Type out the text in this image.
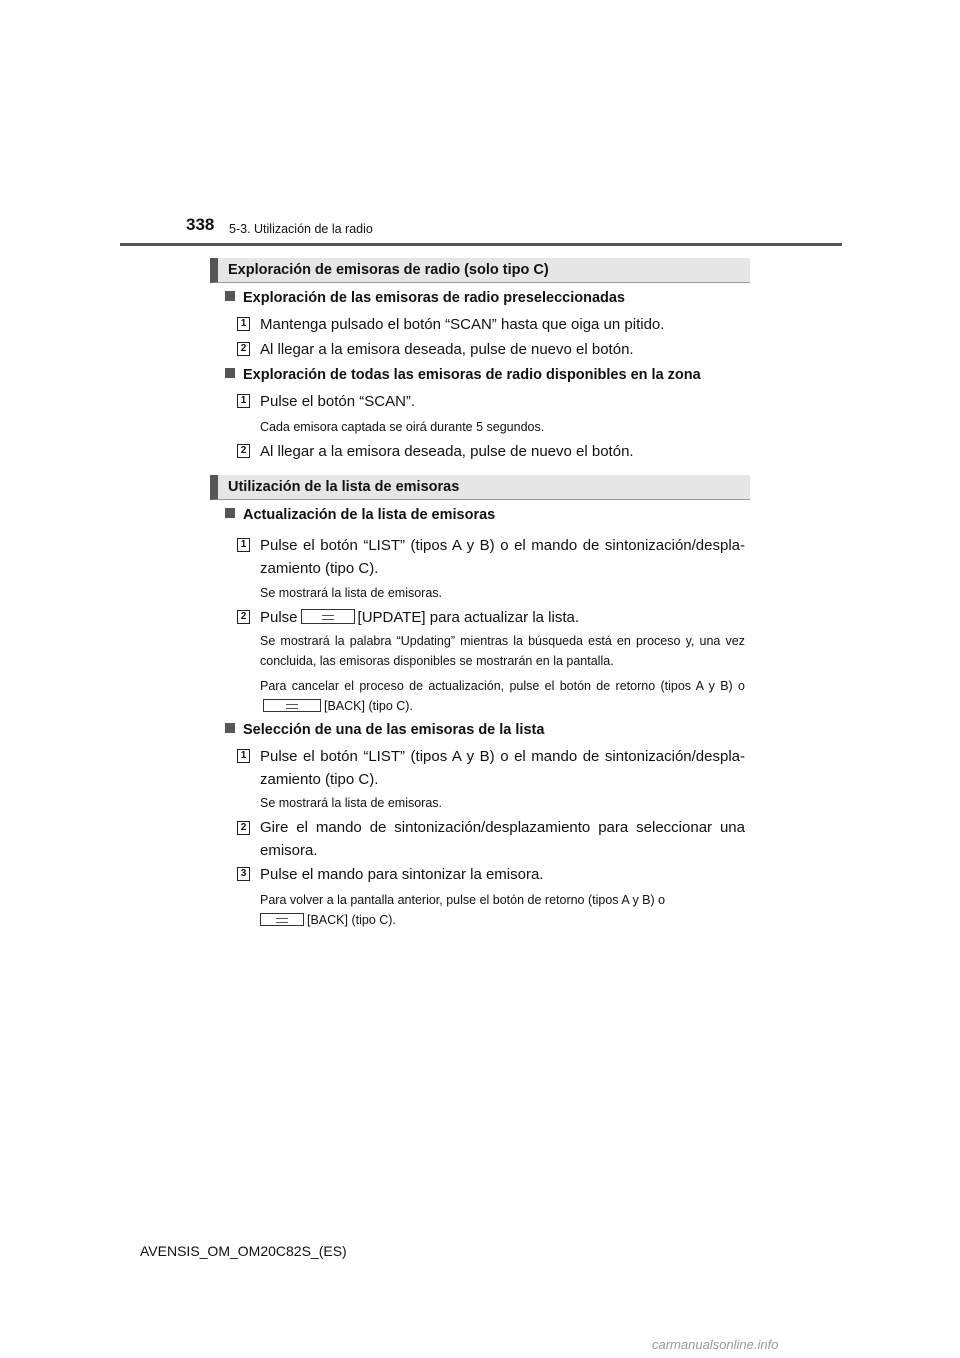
338 5-3. Utilización de la radio
Exploración de emisoras de radio (solo tipo C)
Exploración de las emisoras de radio preseleccionadas
1 Mantenga pulsado el botón “SCAN” hasta que oiga un pitido.
2 Al llegar a la emisora deseada, pulse de nuevo el botón.
Exploración de todas las emisoras de radio disponibles en la zona
1 Pulse el botón “SCAN”.
Cada emisora captada se oirá durante 5 segundos.
2 Al llegar a la emisora deseada, pulse de nuevo el botón.
Utilización de la lista de emisoras
Actualización de la lista de emisoras
1 Pulse el botón “LIST” (tipos A y B) o el mando de sintonización/despla-zamiento (tipo C).
Se mostrará la lista de emisoras.
2 Pulse	[UPDATE] para actualizar la lista.
Se mostrará la palabra “Updating” mientras la búsqueda está en proceso y, una vez concluida, las emisoras disponibles se mostrarán en la pantalla.
Para cancelar el proceso de actualización, pulse el botón de retorno (tipos A y B) o[BACK] (tipo C).
Selección de una de las emisoras de la lista
1 Pulse el botón “LIST” (tipos A y B) o el mando de sintonización/despla-zamiento (tipo C).
Se mostrará la lista de emisoras.
2 Gire el mando de sintonización/desplazamiento para seleccionar una emisora.
3 Pulse el mando para sintonizar la emisora.
Para volver a la pantalla anterior, pulse el botón de retorno (tipos A y B) o
[BACK] (tipo C).
AVENSIS_OM_OM20C82S_(ES)
carmanualsonline.info
